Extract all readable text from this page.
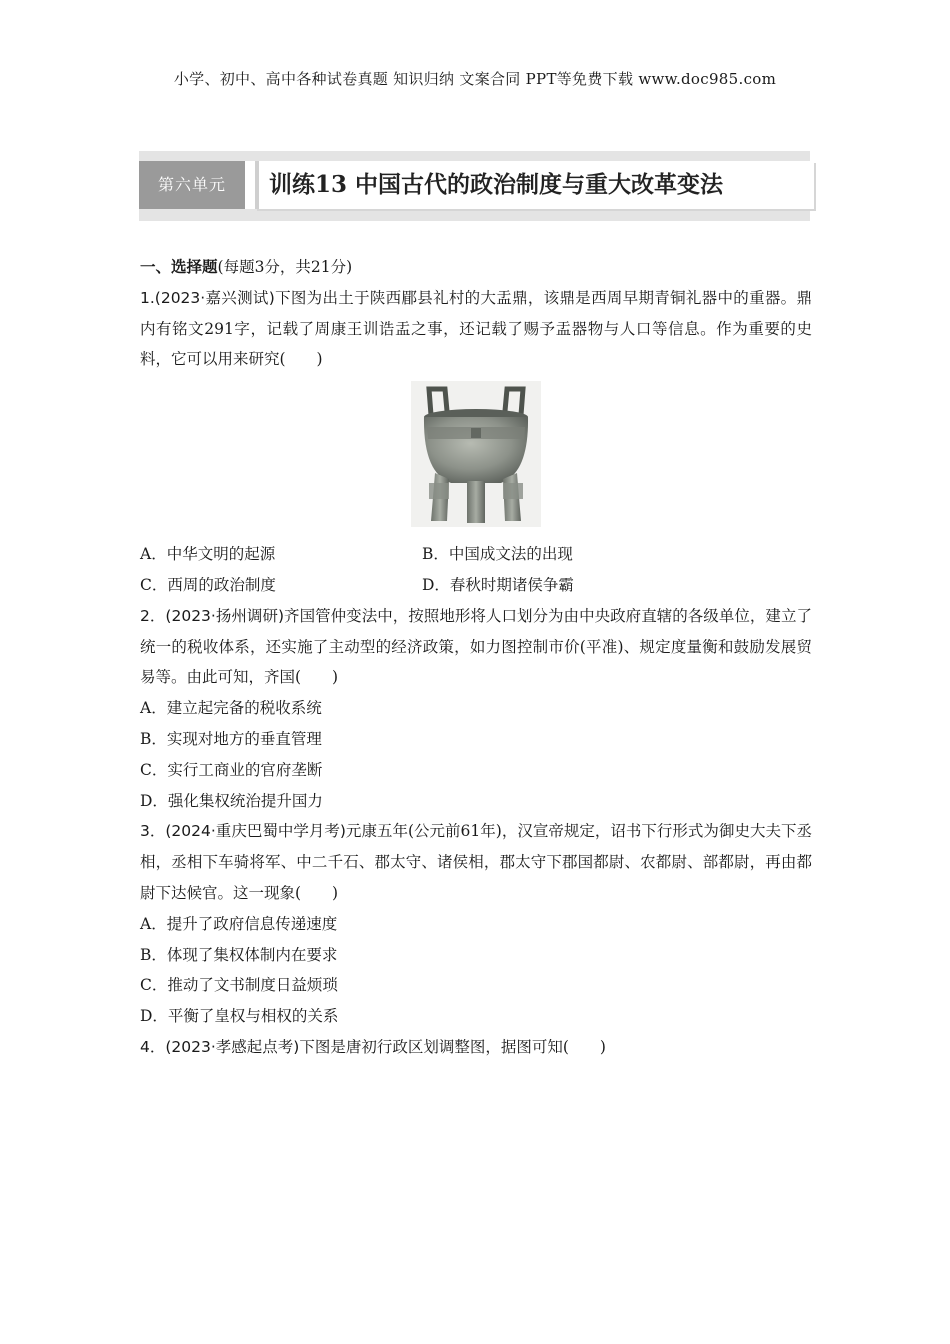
小学、初中、高中各种试卷真题 知识归纳 文案合同 PPT等免费下载 www.doc985.com
第六单元	训练13 中国古代的政治制度与重大改革变法

一、选择题(每题3分，共21分)

1.(2023·嘉兴测试)下图为出土于陕西郿县礼村的大盂鼎，该鼎是西周早期青铜礼器中的重器。鼎内有铭文291字，记载了周康王训诰盂之事，还记载了赐予盂器物与人口等信息。作为重要的史料，它可以用来研究(　　)

A．中华文明的起源	B．中国成文法的出现
C．西周的政治制度	D．春秋时期诸侯争霸

2．(2023·扬州调研)齐国管仲变法中，按照地形将人口划分为由中央政府直辖的各级单位，建立了统一的税收体系，还实施了主动型的经济政策，如力图控制市价(平准)、规定度量衡和鼓励发展贸易等。由此可知，齐国(　　)

A．建立起完备的税收系统
B．实现对地方的垂直管理
C．实行工商业的官府垄断
D．强化集权统治提升国力

3．(2024·重庆巴蜀中学月考)元康五年(公元前61年)，汉宣帝规定，诏书下行形式为御史大夫下丞相，丞相下车骑将军、中二千石、郡太守、诸侯相，郡太守下郡国都尉、农都尉、部都尉，再由都尉下达候官。这一现象(　　)

A．提升了政府信息传递速度
B．体现了集权体制内在要求
C．推动了文书制度日益烦琐
D．平衡了皇权与相权的关系

4．(2023·孝感起点考)下图是唐初行政区划调整图，据图可知(　　)
